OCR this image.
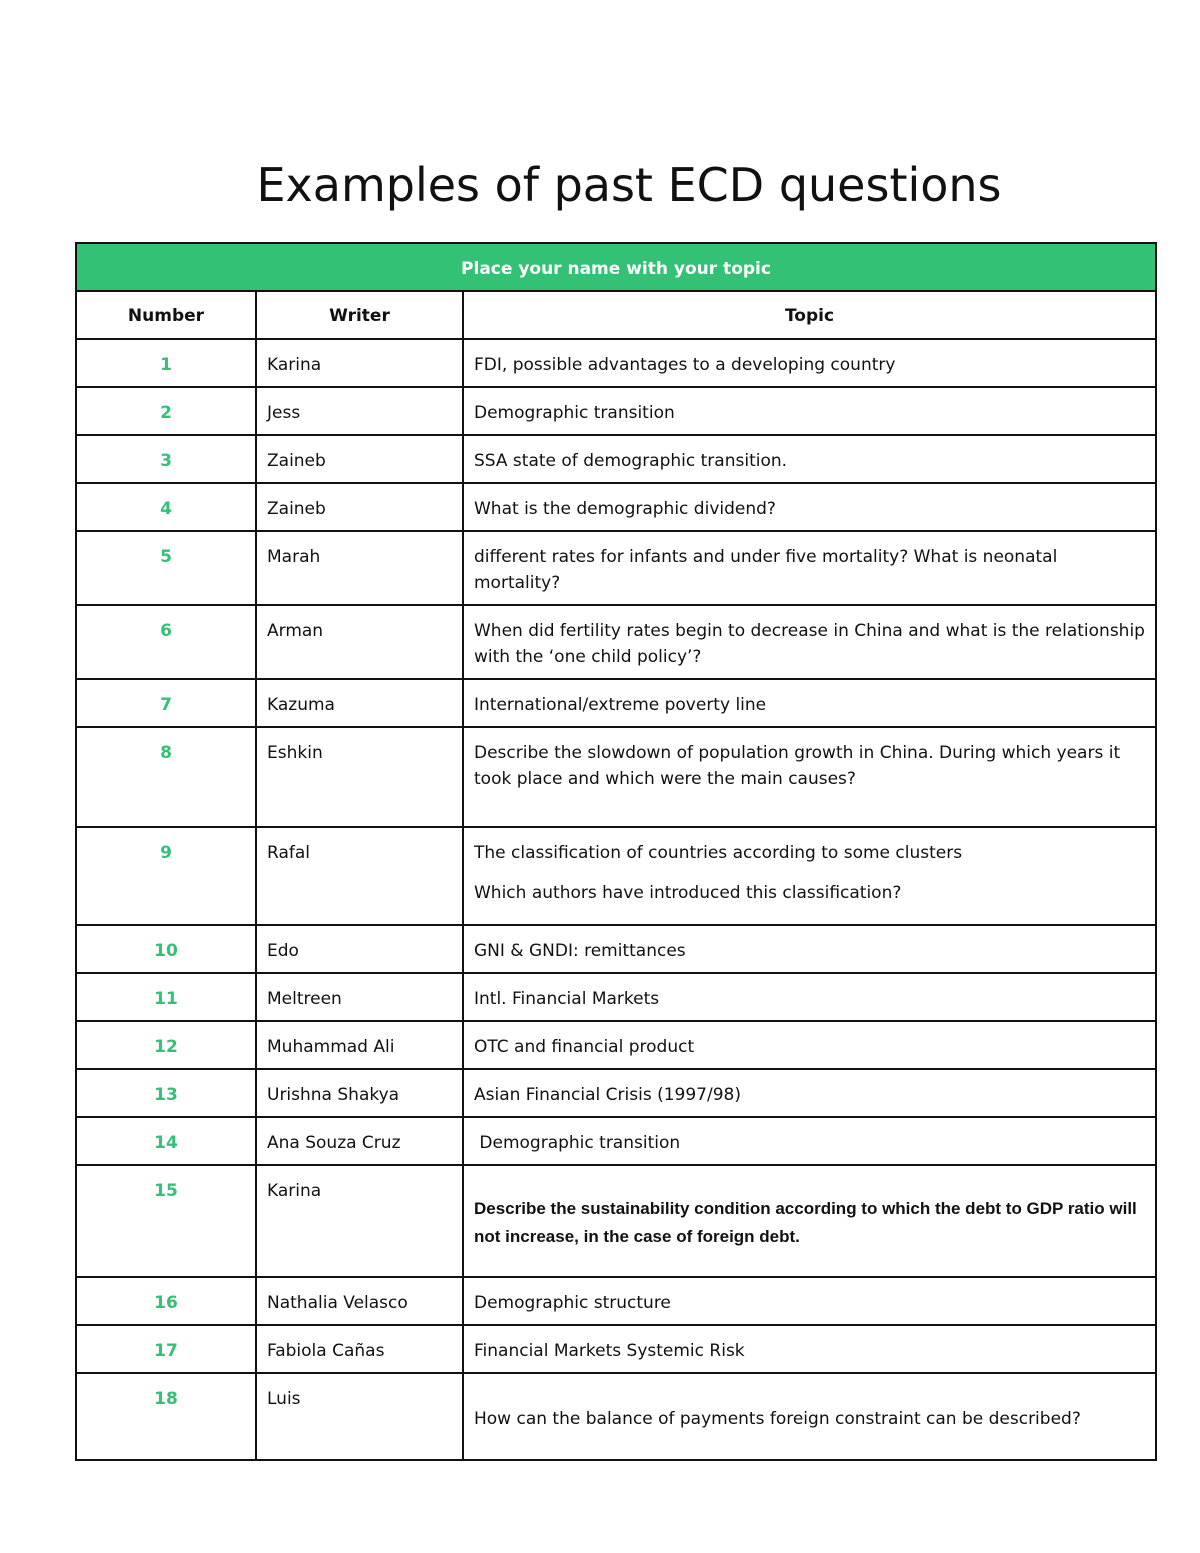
Examples of past ECD questions
Place your name with your topic		
Number	Writer	Topic
1	Karina	FDI, possible advantages to a developing country

2	Jess	Demographic transition

3	Zaineb	SSA state of demographic transition.

4	Zaineb	What is the demographic dividend?

5	Marah	different rates for infants and under five mortality? What is neonatal mortality?

6	Arman	When did fertility rates begin to decrease in China and what is the relationship with the ‘one child policy’?

7	Kazuma	International/extreme poverty line

8	Eshkin	Describe the slowdown of population growth in China. During which years it took place and which were the main causes?

9	Rafal	The classification of countries according to some clusters
Which authors have introduced this classification?

10	Edo	GNI & GNDI: remittances

11	Meltreen	Intl. Financial Markets

12	Muhammad Ali	OTC and financial product

13	Urishna Shakya	Asian Financial Crisis (1997/98)

14	Ana Souza Cruz	Demographic transition

15	Karina	Describe the sustainability condition according to which the debt to GDP ratio will not increase, in the case of foreign debt.

16	Nathalia Velasco	Demographic structure

17	Fabiola Cañas	Financial Markets Systemic Risk

18	Luis	How can the balance of payments foreign constraint can be described?
